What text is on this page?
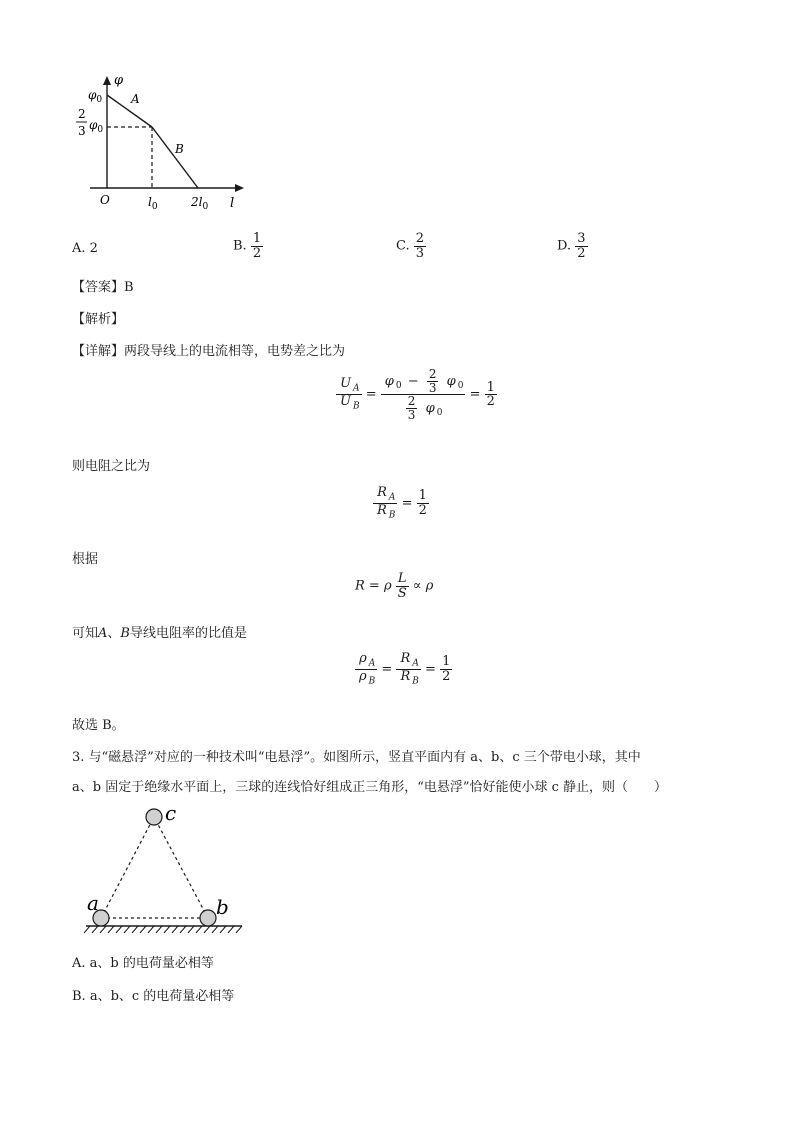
φ
$\varphi_0$
2
3 $\varphi_0$
A
B
O	$l_0$	$2l_0$ l
A. 2	B. $\frac{1}{2}$	C. $\frac{2}{3}$	D. $\frac{3}{2}$
【答案】B
【解析】
【详解】两段导线上的电流相等，电势差之比为
$\frac{U _A}{U _B} = \frac{\varphi _0 - \frac{2}{3} \varphi _0}{\frac{2}{3} \varphi _0} = \frac{1}{2}$
则电阻之比为
$\frac{R _A}{R _B} = \frac{1}{2}$
根据
R = ρ $\frac{L}{S} \propto \rho$
可知A、B导线电阻率的比值是
$\frac{\rho _A}{\rho _B} = \frac{R _A}{R _B} = \frac{1}{2}$
故选 B。
3. 与“磁悬浮”对应的一种技术叫“电悬浮”。如图所示，竖直平面内有 a、b、c 三个带电小球，其中
a、b 固定于绝缘水平面上，三球的连线恰好组成正三角形，“电悬浮”恰好能使小球 c 静止，则（　　）
a	b
c
A. a、b 的电荷量必相等
B. a、b、c 的电荷量必相等
